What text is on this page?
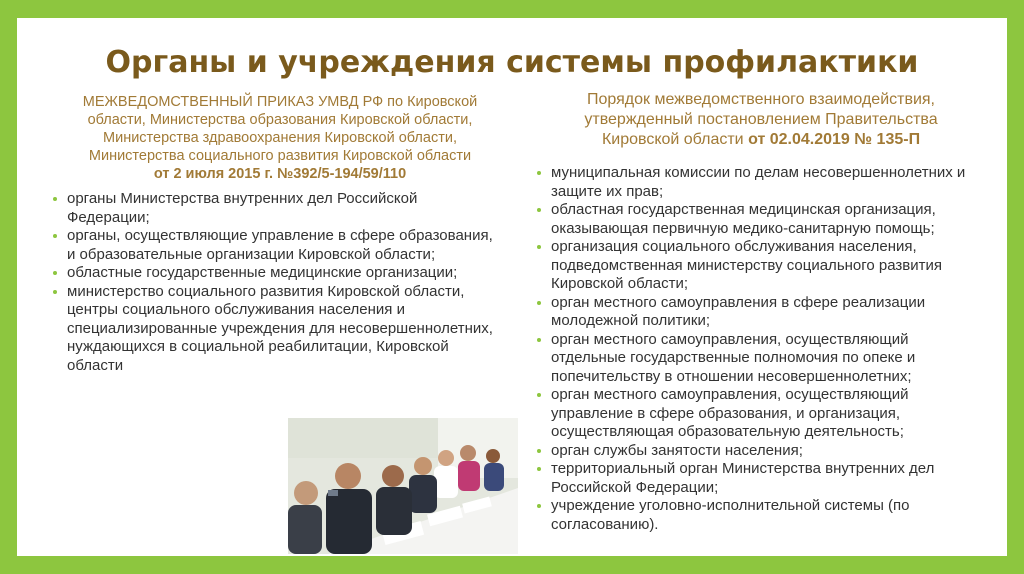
Органы и учреждения системы профилактики
МЕЖВЕДОМСТВЕННЫЙ ПРИКАЗ УМВД РФ по Кировской
области, Министерства образования Кировской области,
Министерства здравоохранения Кировской области,
Министерства социального развития Кировской области
от 2 июля 2015 г. №392/5-194/59/110
органы Министерства внутренних дел Российской Федерации;
органы, осуществляющие управление в сфере образования, и образовательные организации Кировской области;
областные государственные медицинские организации;
министерство социального развития Кировской области, центры социального обслуживания населения и специализированные учреждения для несовершеннолетних, нуждающихся в социальной реабилитации, Кировской области
Порядок межведомственного взаимодействия,
утвержденный постановлением Правительства
Кировской области от 02.04.2019 № 135-П
муниципальная комиссии по делам несовершеннолетних и защите их прав;
областная государственная медицинская организация, оказывающая первичную медико-санитарную помощь;
организация социального обслуживания населения, подведомственная министерству социального развития Кировской области;
орган местного самоуправления в сфере реализации молодежной политики;
орган местного самоуправления, осуществляющий отдельные государственные полномочия по опеке и попечительству в отношении несовершеннолетних;
орган местного самоуправления, осуществляющий управление в сфере образования, и организация, осуществляющая образовательную деятельность;
орган службы занятости населения;
территориальный орган Министерства внутренних дел Российской Федерации;
учреждение уголовно-исполнительной системы (по согласованию).
